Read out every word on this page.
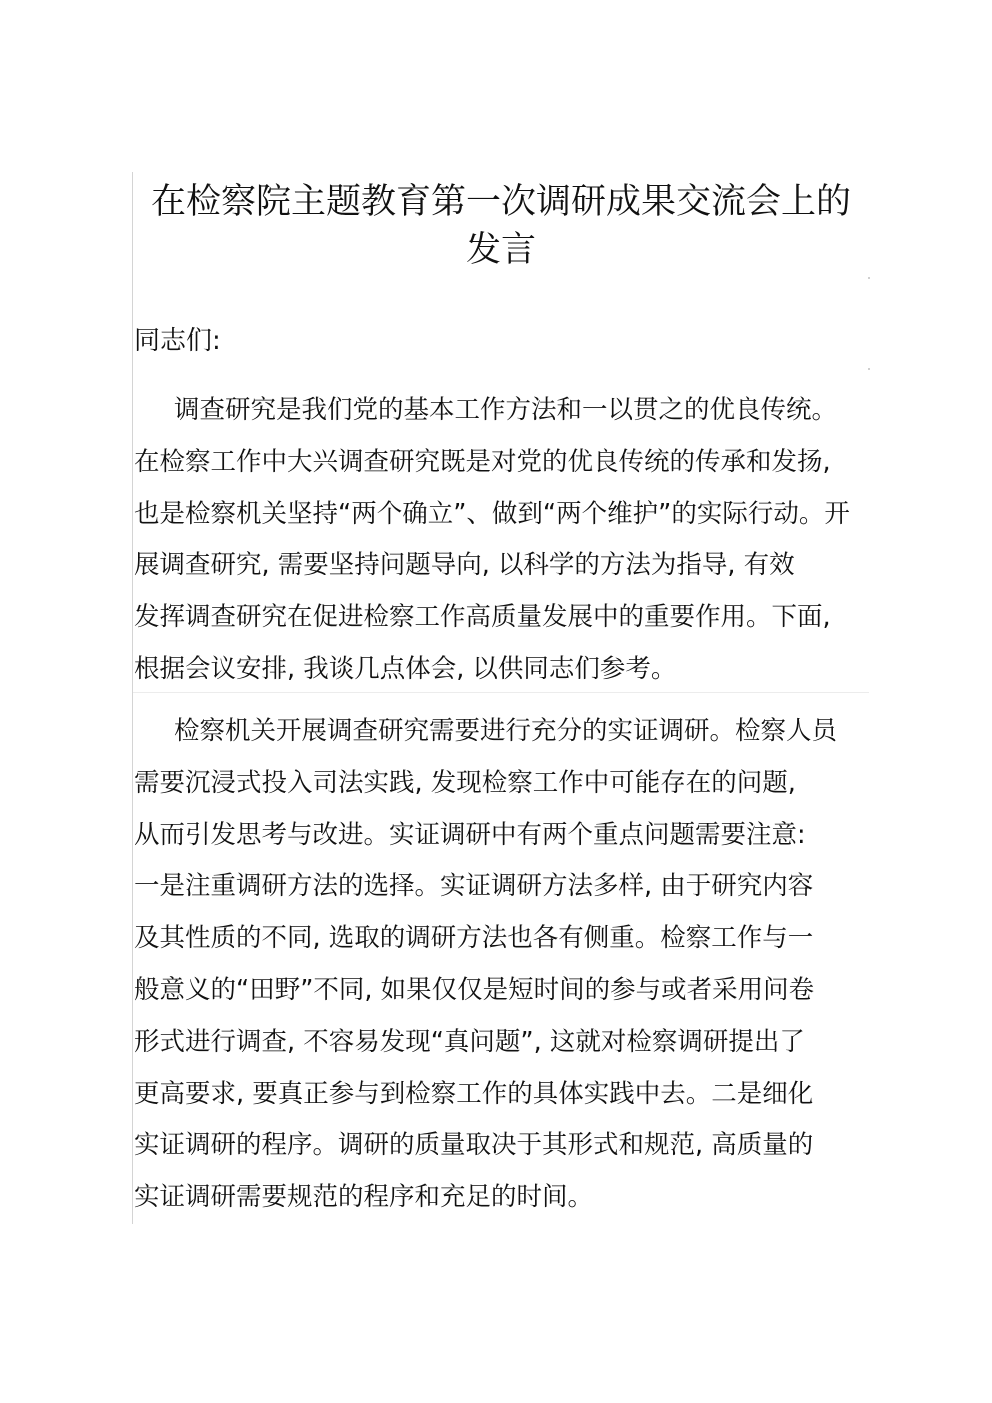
在检察院主题教育第一次调研成果交流会上的
发言

同志们:

调查研究是我们党的基本工作方法和一以贯之的优良传统。
在检察工作中大兴调查研究既是对党的优良传统的传承和发扬,
也是检察机关坚持“两个确立”、做到“两个维护”的实际行动。开
展调查研究, 需要坚持问题导向, 以科学的方法为指导, 有效
发挥调查研究在促进检察工作高质量发展中的重要作用。下面,
根据会议安排, 我谈几点体会, 以供同志们参考。
检察机关开展调查研究需要进行充分的实证调研。检察人员
需要沉浸式投入司法实践, 发现检察工作中可能存在的问题,
从而引发思考与改进。实证调研中有两个重点问题需要注意:
一是注重调研方法的选择。实证调研方法多样, 由于研究内容
及其性质的不同, 选取的调研方法也各有侧重。检察工作与一
般意义的“田野”不同, 如果仅仅是短时间的参与或者采用问卷
形式进行调查, 不容易发现“真问题”, 这就对检察调研提出了
更高要求, 要真正参与到检察工作的具体实践中去。二是细化
实证调研的程序。调研的质量取决于其形式和规范, 高质量的
实证调研需要规范的程序和充足的时间。
